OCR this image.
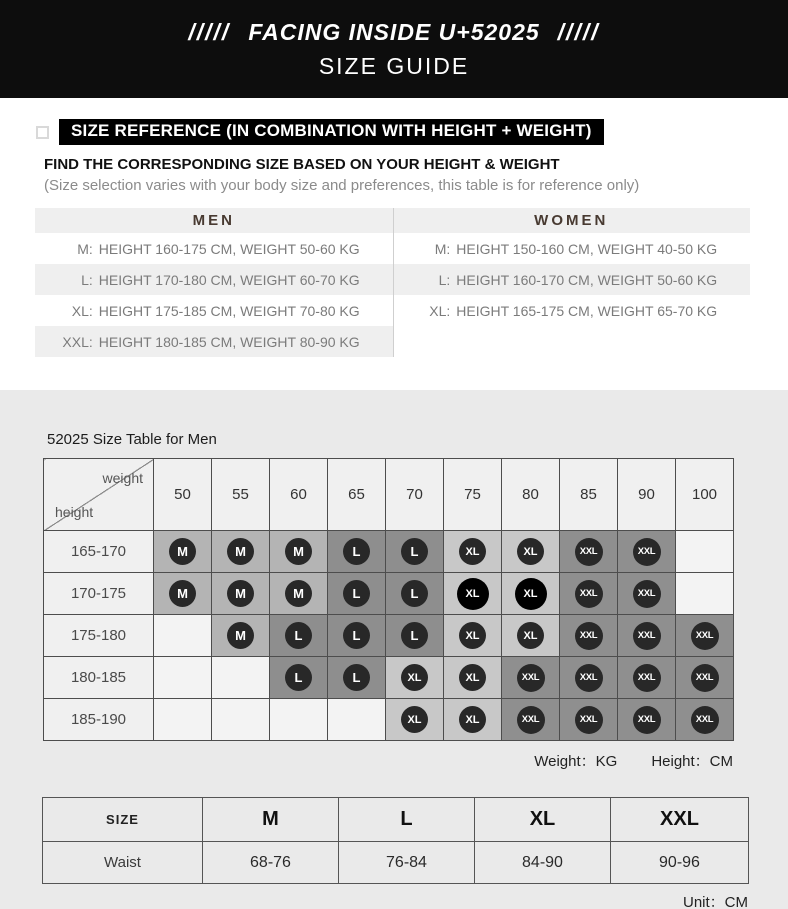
///// FACING INSIDE U+52025 /////
SIZE GUIDE
SIZE REFERENCE (IN COMBINATION WITH HEIGHT + WEIGHT)
FIND THE CORRESPONDING SIZE BASED ON YOUR HEIGHT & WEIGHT
(Size selection varies with your body size and preferences, this table is for reference only)
MEN
M: HEIGHT 160-175 CM, WEIGHT 50-60 KG
L: HEIGHT 170-180 CM, WEIGHT 60-70 KG
XL: HEIGHT 175-185 CM, WEIGHT 70-80 KG
XXL: HEIGHT 180-185 CM, WEIGHT 80-90 KG
WOMEN
M: HEIGHT 150-160 CM, WEIGHT 40-50 KG
L: HEIGHT 160-170 CM, WEIGHT 50-60 KG
XL: HEIGHT 165-175 CM, WEIGHT 65-70 KG
52025 Size Table for Men
weight
height	50	55	60	65	70	75	80	85	90	100
165-170	M	M	M	L	L	XL	XL	XXL	XXL	
170-175	M	M	M	L	L	XL	XL	XXL	XXL	
175-180		M	L	L	L	XL	XL	XXL	XXL	XXL
180-185			L	L	XL	XL	XXL	XXL	XXL	XXL
185-190					XL	XL	XXL	XXL	XXL	XXL
Weight：KG Height：CM
SIZE	M	L	XL	XXL
Waist	68-76	76-84	84-90	90-96
Unit：CM
